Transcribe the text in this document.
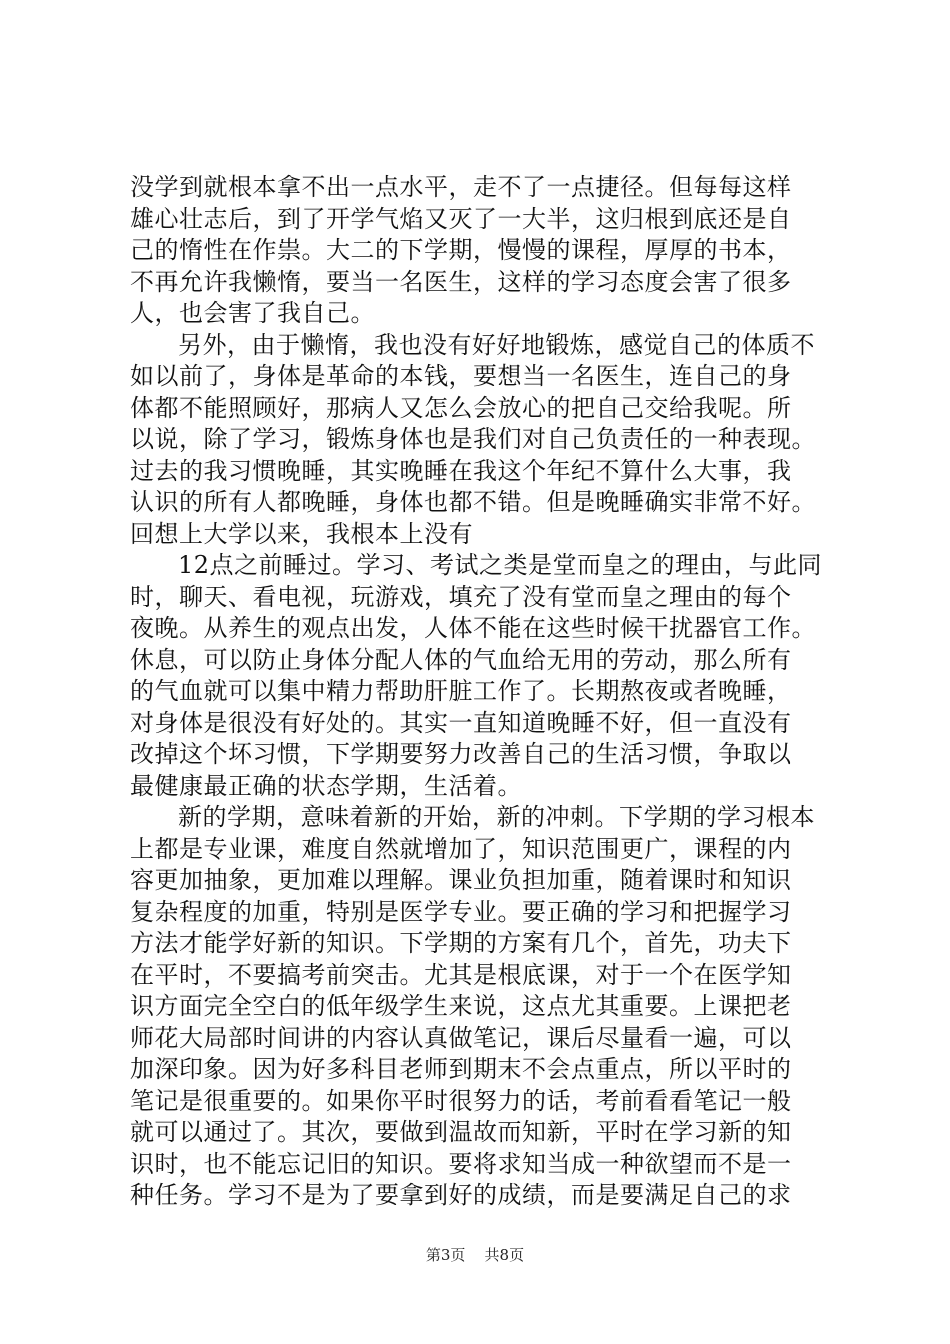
没学到就根本拿不出一点水平，走不了一点捷径。但每每这样
雄心壮志后，到了开学气焰又灭了一大半，这归根到底还是自
己的惰性在作祟。大二的下学期，慢慢的课程，厚厚的书本，
不再允许我懒惰，要当一名医生，这样的学习态度会害了很多
人，也会害了我自己。
另外，由于懒惰，我也没有好好地锻炼，感觉自己的体质不
如以前了，身体是革命的本钱，要想当一名医生，连自己的身
体都不能照顾好，那病人又怎么会放心的把自己交给我呢。所
以说，除了学习，锻炼身体也是我们对自己负责任的一种表现。
过去的我习惯晚睡，其实晚睡在我这个年纪不算什么大事，我
认识的所有人都晚睡，身体也都不错。但是晚睡确实非常不好。
回想上大学以来，我根本上没有
12点之前睡过。学习、考试之类是堂而皇之的理由，与此同
时，聊天、看电视，玩游戏，填充了没有堂而皇之理由的每个
夜晚。从养生的观点出发，人体不能在这些时候干扰器官工作。
休息，可以防止身体分配人体的气血给无用的劳动，那么所有
的气血就可以集中精力帮助肝脏工作了。长期熬夜或者晚睡，
对身体是很没有好处的。其实一直知道晚睡不好，但一直没有
改掉这个坏习惯，下学期要努力改善自己的生活习惯，争取以
最健康最正确的状态学期，生活着。
新的学期，意味着新的开始，新的冲刺。下学期的学习根本
上都是专业课，难度自然就增加了，知识范围更广，课程的内
容更加抽象，更加难以理解。课业负担加重，随着课时和知识
复杂程度的加重，特别是医学专业。要正确的学习和把握学习
方法才能学好新的知识。下学期的方案有几个，首先，功夫下
在平时，不要搞考前突击。尤其是根底课，对于一个在医学知
识方面完全空白的低年级学生来说，这点尤其重要。上课把老
师花大局部时间讲的内容认真做笔记，课后尽量看一遍，可以
加深印象。因为好多科目老师到期末不会点重点，所以平时的
笔记是很重要的。如果你平时很努力的话，考前看看笔记一般
就可以通过了。其次，要做到温故而知新，平时在学习新的知
识时，也不能忘记旧的知识。要将求知当成一种欲望而不是一
种任务。学习不是为了要拿到好的成绩，而是要满足自己的求
第3页 共8页
